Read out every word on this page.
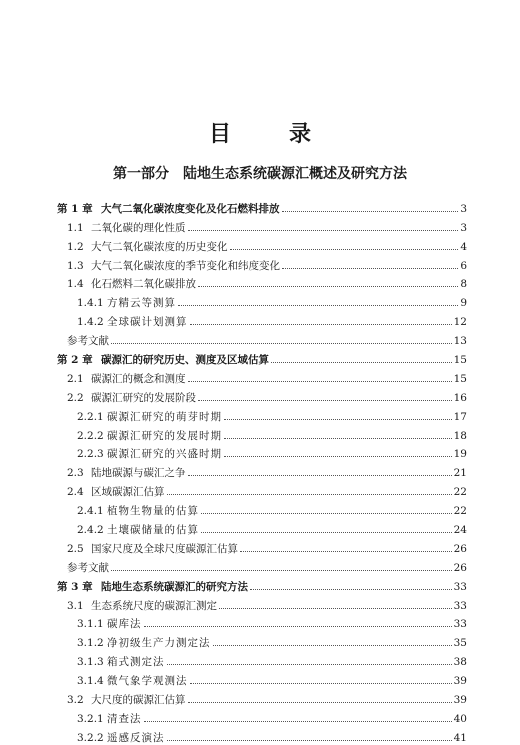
目　录
第一部分　陆地生态系统碳源汇概述及研究方法
第 1 章 大气二氧化碳浓度变化及化石燃料排放	3
1.1 二氧化碳的理化性质	3
1.2 大气二氧化碳浓度的历史变化	4
1.3 大气二氧化碳浓度的季节变化和纬度变化	6
1.4 化石燃料二氧化碳排放	8
1.4.1 方精云等测算	9
1.4.2 全球碳计划测算	12
参考文献	13
第 2 章 碳源汇的研究历史、测度及区域估算	15
2.1 碳源汇的概念和测度	15
2.2 碳源汇研究的发展阶段	16
2.2.1 碳源汇研究的萌芽时期	17
2.2.2 碳源汇研究的发展时期	18
2.2.3 碳源汇研究的兴盛时期	19
2.3 陆地碳源与碳汇之争	21
2.4 区域碳源汇估算	22
2.4.1 植物生物量的估算	22
2.4.2 土壤碳储量的估算	24
2.5 国家尺度及全球尺度碳源汇估算	26
参考文献	26
第 3 章 陆地生态系统碳源汇的研究方法	33
3.1 生态系统尺度的碳源汇测定	33
3.1.1 碳库法	33
3.1.2 净初级生产力测定法	35
3.1.3 箱式测定法	38
3.1.4 微气象学观测法	39
3.2 大尺度的碳源汇估算	39
3.2.1 清查法	40
3.2.2 遥感反演法	41
